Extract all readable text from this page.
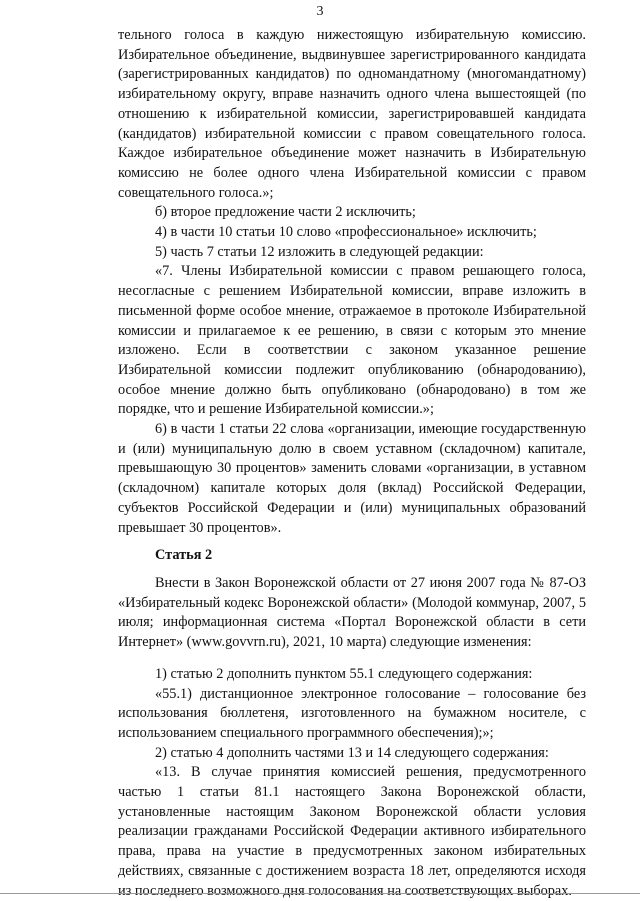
3

тельного голоса в каждую нижестоящую избирательную комиссию. Избирательное объединение, выдвинувшее зарегистрированного кандидата (зарегистрированных кандидатов) по одномандатному (многомандатному) избирательному округу, вправе назначить одного члена вышестоящей (по отношению к избирательной комиссии, зарегистрировавшей кандидата (кандидатов) избирательной комиссии с правом совещательного голоса. Каждое избирательное объединение может назначить в Избирательную комиссию не более одного члена Избирательной комиссии с правом совещательного голоса.»;

б) второе предложение части 2 исключить;

4) в части 10 статьи 10 слово «профессиональное» исключить;

5) часть 7 статьи 12 изложить в следующей редакции:

«7. Члены Избирательной комиссии с правом решающего голоса, несогласные с решением Избирательной комиссии, вправе изложить в письменной форме особое мнение, отражаемое в протоколе Избирательной комиссии и прилагаемое к ее решению, в связи с которым это мнение изложено. Если в соответствии с законом указанное решение Избирательной комиссии подлежит опубликованию (обнародованию), особое мнение должно быть опубликовано (обнародовано) в том же порядке, что и решение Избирательной комиссии.»;

6) в части 1 статьи 22 слова «организации, имеющие государственную и (или) муниципальную долю в своем уставном (складочном) капитале, превышающую 30 процентов» заменить словами «организации, в уставном (складочном) капитале которых доля (вклад) Российской Федерации, субъектов Российской Федерации и (или) муниципальных образований превышает 30 процентов».

Статья 2

Внести в Закон Воронежской области от 27 июня 2007 года № 87-ОЗ «Избирательный кодекс Воронежской области» (Молодой коммунар, 2007, 5 июля; информационная система «Портал Воронежской области в сети Интернет» (www.govvrn.ru), 2021, 10 марта) следующие изменения:

1) статью 2 дополнить пунктом 55.1 следующего содержания:

«55.1) дистанционное электронное голосование – голосование без использования бюллетеня, изготовленного на бумажном носителе, с использованием специального программного обеспечения);»;

2) статью 4 дополнить частями 13 и 14 следующего содержания:

«13. В случае принятия комиссией решения, предусмотренного частью 1 статьи 81.1 настоящего Закона Воронежской области, установленные настоящим Законом Воронежской области условия реализации гражданами Российской Федерации активного избирательного права, права на участие в предусмотренных законом избирательных действиях, связанные с достижением возраста 18 лет, определяются исходя из последнего возможного дня голосования на соответствующих выборах.
